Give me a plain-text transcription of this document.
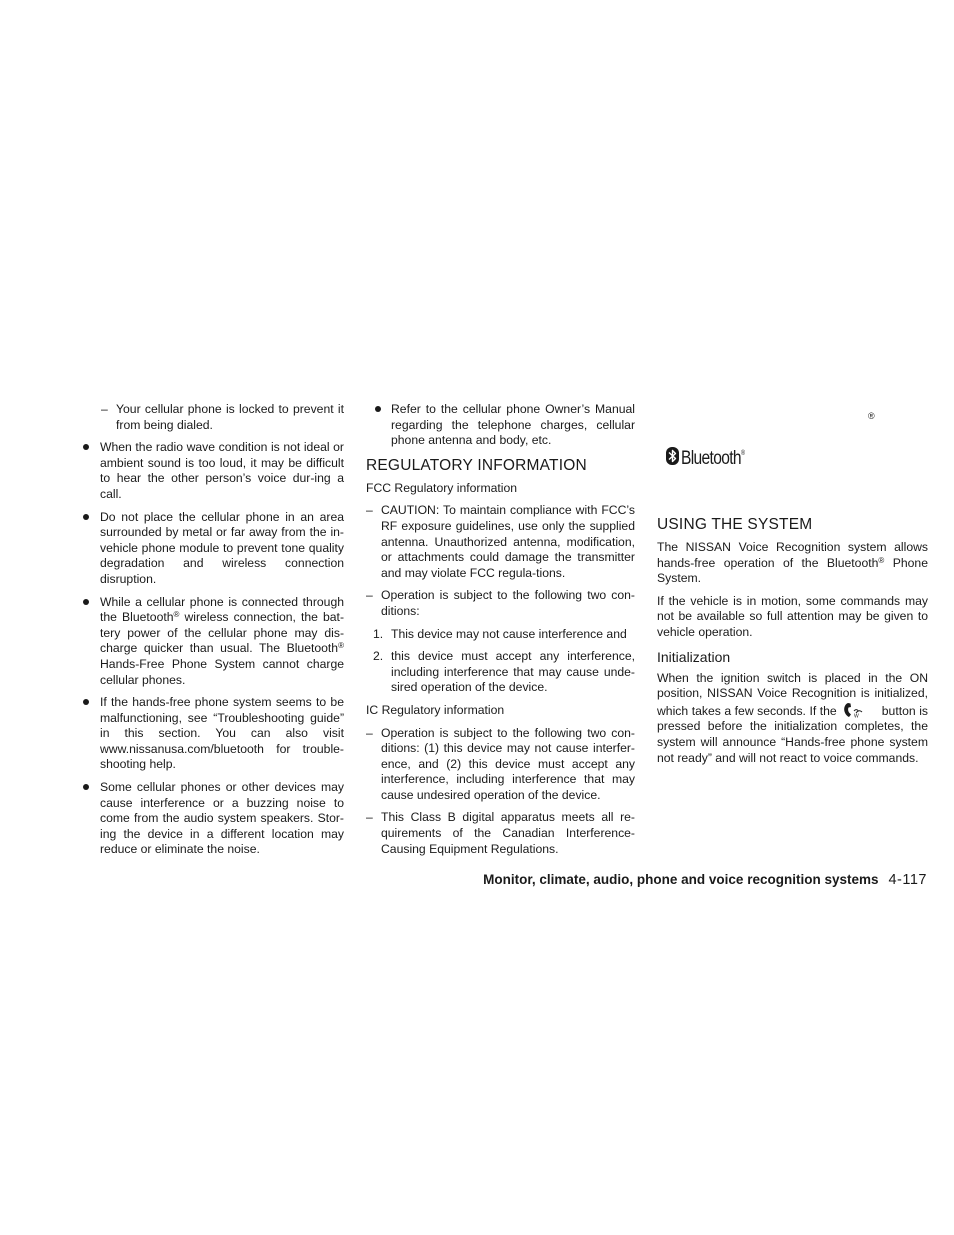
– Your cellular phone is locked to prevent it from being dialed.
When the radio wave condition is not ideal or ambient sound is too loud, it may be difficult to hear the other person’s voice dur-ing a call.
Do not place the cellular phone in an area surrounded by metal or far away from the in-vehicle phone module to prevent tone quality degradation and wireless connection disruption.
While a cellular phone is connected through the Bluetooth® wireless connection, the bat-tery power of the cellular phone may dis-charge quicker than usual. The Bluetooth® Hands-Free Phone System cannot charge cellular phones.
If the hands-free phone system seems to be malfunctioning, see “Troubleshooting guide” in this section. You can also visit www.nissanusa.com/bluetooth for trouble-shooting help.
Some cellular phones or other devices may cause interference or a buzzing noise to come from the audio system speakers. Stor-ing the device in a different location may reduce or eliminate the noise.
Refer to the cellular phone Owner’s Manual regarding the telephone charges, cellular phone antenna and body, etc.
REGULATORY INFORMATION
FCC Regulatory information
– CAUTION: To maintain compliance with FCC’s RF exposure guidelines, use only the supplied antenna. Unauthorized antenna, modification, or attachments could damage the transmitter and may violate FCC regula-tions.
– Operation is subject to the following two con-ditions:
1. This device may not cause interference and
2. this device must accept any interference, including interference that may cause unde-sired operation of the device.
IC Regulatory information
– Operation is subject to the following two con-ditions: (1) this device may not cause interfer-ence, and (2) this device must accept any interference, including interference that may cause undesired operation of the device.
– This Class B digital apparatus meets all re-quirements of the Canadian Interference-Causing Equipment Regulations.
®
Bluetooth®
USING THE SYSTEM
The NISSAN Voice Recognition system allows hands-free operation of the Bluetooth® Phone System.
If the vehicle is in motion, some commands may not be available so full attention may be given to vehicle operation.
Initialization
When the ignition switch is placed in the ON position, NISSAN Voice Recognition is initialized, which takes a few seconds. If the	W button is pressed before the initialization completes, the system will announce “Hands-free phone system not ready” and will not react to voice commands.
Monitor, climate, audio, phone and voice recognition systems 4-117
